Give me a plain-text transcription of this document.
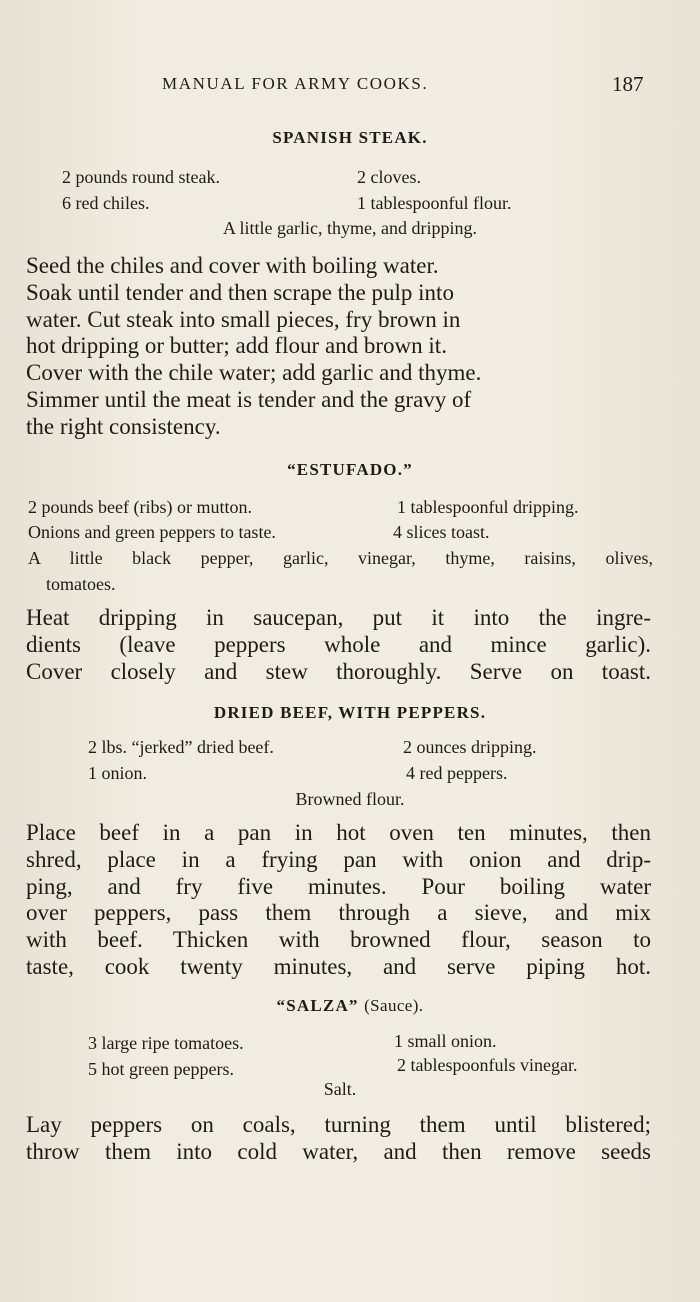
MANUAL FOR ARMY COOKS.	187
SPANISH STEAK.
2 pounds round steak.	2 cloves.
6 red chiles.	1 tablespoonful flour.
A little garlic, thyme, and dripping.
Seed the chiles and cover with boiling water.
Soak until tender and then scrape the pulp into
water. Cut steak into small pieces, fry brown in
hot dripping or butter; add flour and brown it.
Cover with the chile water; add garlic and thyme.
Simmer until the meat is tender and the gravy of
the right consistency.
“ESTUFADO.”
2 pounds beef (ribs) or mutton.	1 tablespoonful dripping.
Onions and green peppers to taste.	4 slices toast.
A little black pepper, garlic, vinegar, thyme, raisins, olives,
tomatoes.
Heat dripping in saucepan, put it into the ingre-
dients (leave peppers whole and mince garlic).
Cover closely and stew thoroughly. Serve on toast.
DRIED BEEF, WITH PEPPERS.
2 lbs. “jerked” dried beef.	2 ounces dripping.
1 onion.	4 red peppers.
Browned flour.
Place beef in a pan in hot oven ten minutes, then
shred, place in a frying pan with onion and drip-
ping, and fry five minutes. Pour boiling water
over peppers, pass them through a sieve, and mix
with beef. Thicken with browned flour, season to
taste, cook twenty minutes, and serve piping hot.
“SALZA” (Sauce).
3 large ripe tomatoes.	1 small onion.
5 hot green peppers.	2 tablespoonfuls vinegar.
Salt.
Lay peppers on coals, turning them until blistered;
throw them into cold water, and then remove seeds
